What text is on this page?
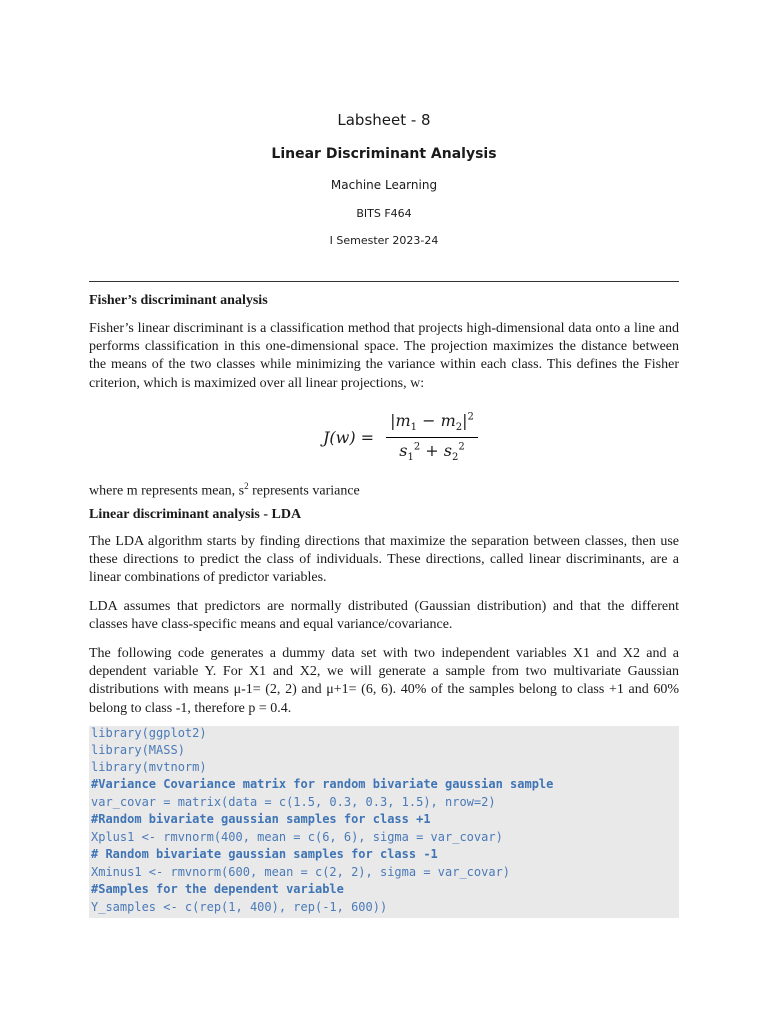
Labsheet - 8
Linear Discriminant Analysis
Machine Learning
BITS F464
I Semester 2023-24
Fisher’s discriminant analysis
Fisher’s linear discriminant is a classification method that projects high-dimensional data onto a line and performs classification in this one-dimensional space. The projection maximizes the distance between the means of the two classes while minimizing the variance within each class. This defines the Fisher criterion, which is maximized over all linear projections, w:
$J(w) = \frac{|m_1 - m_2|^2}{s_1^2 + s_2^2}$
where m represents mean, $s^2$ represents variance
Linear discriminant analysis - LDA
The LDA algorithm starts by finding directions that maximize the separation between classes, then use these directions to predict the class of individuals. These directions, called linear discriminants, are a linear combinations of predictor variables.
LDA assumes that predictors are normally distributed (Gaussian distribution) and that the different classes have class-specific means and equal variance/covariance.
The following code generates a dummy data set with two independent variables X1 and X2 and a dependent variable Y. For X1 and X2, we will generate a sample from two multivariate Gaussian distributions with means μ-1= (2, 2) and μ+1= (6, 6). 40% of the samples belong to class +1 and 60% belong to class -1, therefore p = 0.4.
library(ggplot2)
library(MASS)
library(mvtnorm)
#Variance Covariance matrix for random bivariate gaussian sample
var_covar = matrix(data = c(1.5, 0.3, 0.3, 1.5), nrow=2)
#Random bivariate gaussian samples for class +1
Xplus1 <- rmvnorm(400, mean = c(6, 6), sigma = var_covar)
# Random bivariate gaussian samples for class -1
Xminus1 <- rmvnorm(600, mean = c(2, 2), sigma = var_covar)
#Samples for the dependent variable
Y_samples <- c(rep(1, 400), rep(-1, 600))
